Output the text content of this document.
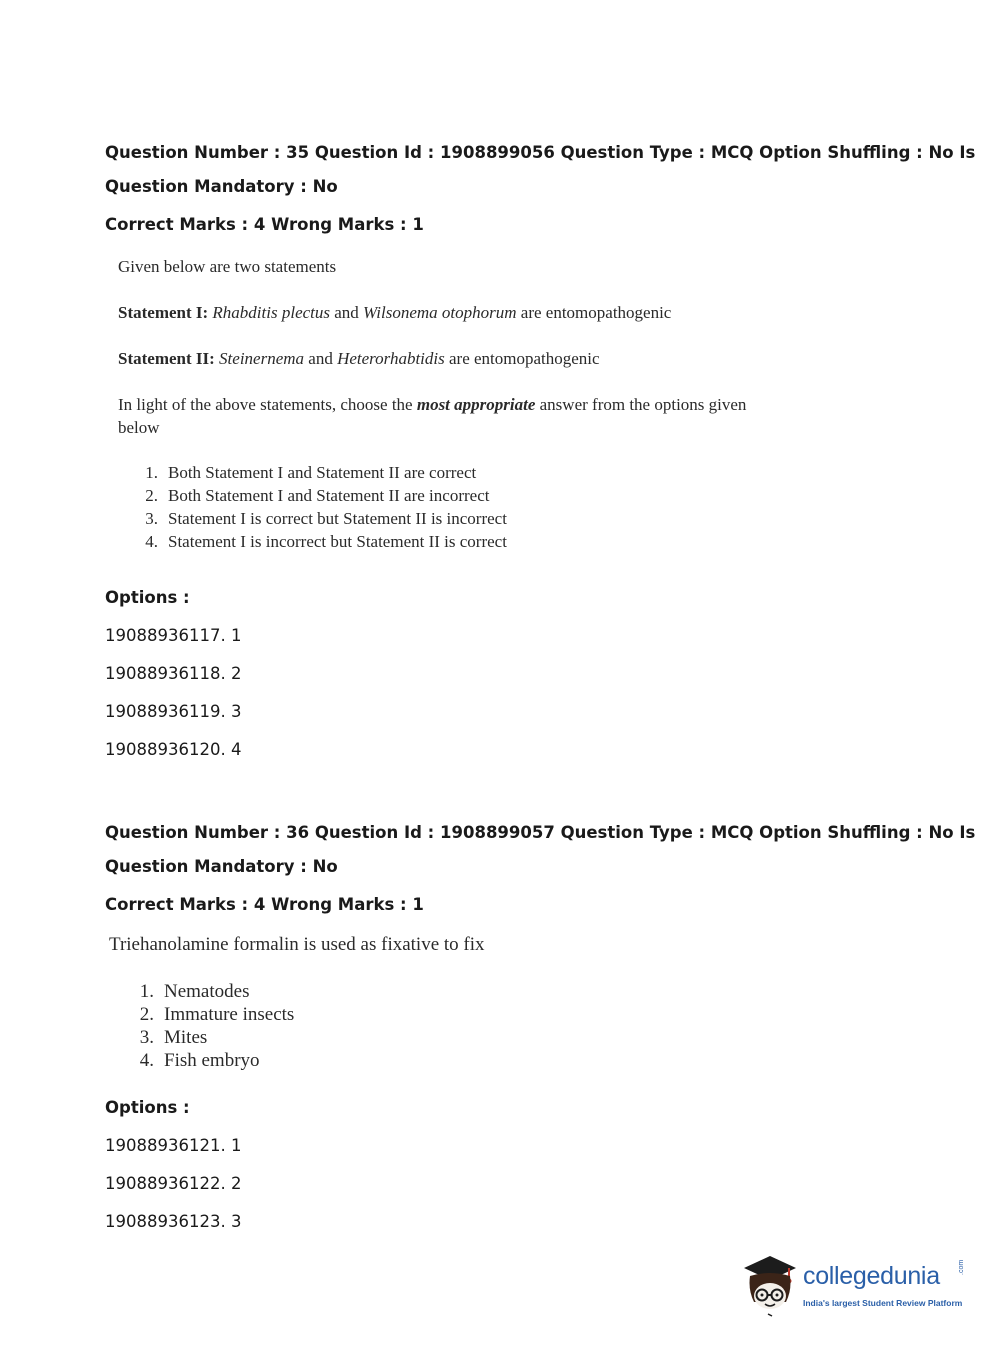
Question Number : 35 Question Id : 1908899056 Question Type : MCQ Option Shuffling : No Is
Question Mandatory : No
Correct Marks : 4 Wrong Marks : 1
Given below are two statements
Statement I: Rhabditis plectus and Wilsonema otophorum are entomopathogenic
Statement II: Steinernema and Heterorhabtidis are entomopathogenic
In light of the above statements, choose the most appropriate answer from the options given
below
1. Both Statement I and Statement II are correct
2. Both Statement I and Statement II are incorrect
3. Statement I is correct but Statement II is incorrect
4. Statement I is incorrect but Statement II is correct
Options :
19088936117. 1
19088936118. 2
19088936119. 3
19088936120. 4
Question Number : 36 Question Id : 1908899057 Question Type : MCQ Option Shuffling : No Is
Question Mandatory : No
Correct Marks : 4 Wrong Marks : 1
Triehanolamine formalin is used as fixative to fix
1. Nematodes
2. Immature insects
3. Mites
4. Fish embryo
Options :
19088936121. 1
19088936122. 2
19088936123. 3
collegedunia	.com
India's largest Student Review Platform
